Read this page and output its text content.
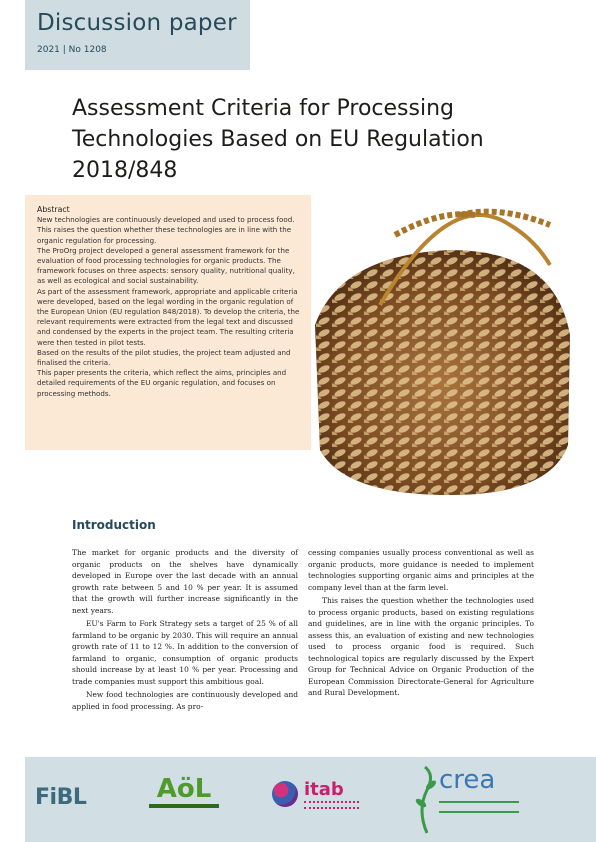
Discussion paper
2021 | No 1208
Assessment Criteria for Processing
Technologies Based on EU Regulation
2018/848

Abstract

New technologies are continuously developed and used to process food. This raises the question whether these technologies are in line with the organic regulation for processing.

The ProOrg project developed a general assessment framework for the evaluation of food processing technologies for organic products. The framework focuses on three aspects: sensory quality, nutritional quality, as well as ecological and social sustainability.

As part of the assessment framework, appropriate and applicable criteria were developed, based on the legal wording in the organic regulation of the European Union (EU regulation 848/2018). To develop the criteria, the relevant requirements were extracted from the legal text and discussed and condensed by the experts in the project team. The resulting criteria were then tested in pilot tests.

Based on the results of the pilot studies, the project team adjusted and finalised the criteria.

This paper presents the criteria, which reflect the aims, principles and detailed requirements of the EU organic regulation, and focuses on processing methods.

Introduction

The market for organic products and the diversity of organic products on the shelves have dynamically developed in Europe over the last decade with an annual growth rate between 5 and 10 % per year. It is assumed that the growth will further increase significantly in the next years.

EU's Farm to Fork Strategy sets a target of 25 % of all farmland to be organic by 2030. This will require an annual growth rate of 11 to 12 %. In addition to the conversion of farmland to organic, consumption of organic products should increase by at least 10 % per year. Processing and trade companies must support this ambitious goal.

New food technologies are continuously developed and applied in food processing. As pro-

cessing companies usually process conventional as well as organic products, more guidance is needed to implement technologies supporting organic aims and principles at the company level than at the farm level.

This raises the question whether the technologies used to process organic products, based on existing regulations and guidelines, are in line with the organic principles. To assess this, an evaluation of existing and new technologies used to process organic food is required. Such technological topics are regularly discussed by the Expert Group for Technical Advice on Organic Production of the European Commission Directorate-General for Agriculture and Rural Development.

FiBL	AöL	itab	crea
